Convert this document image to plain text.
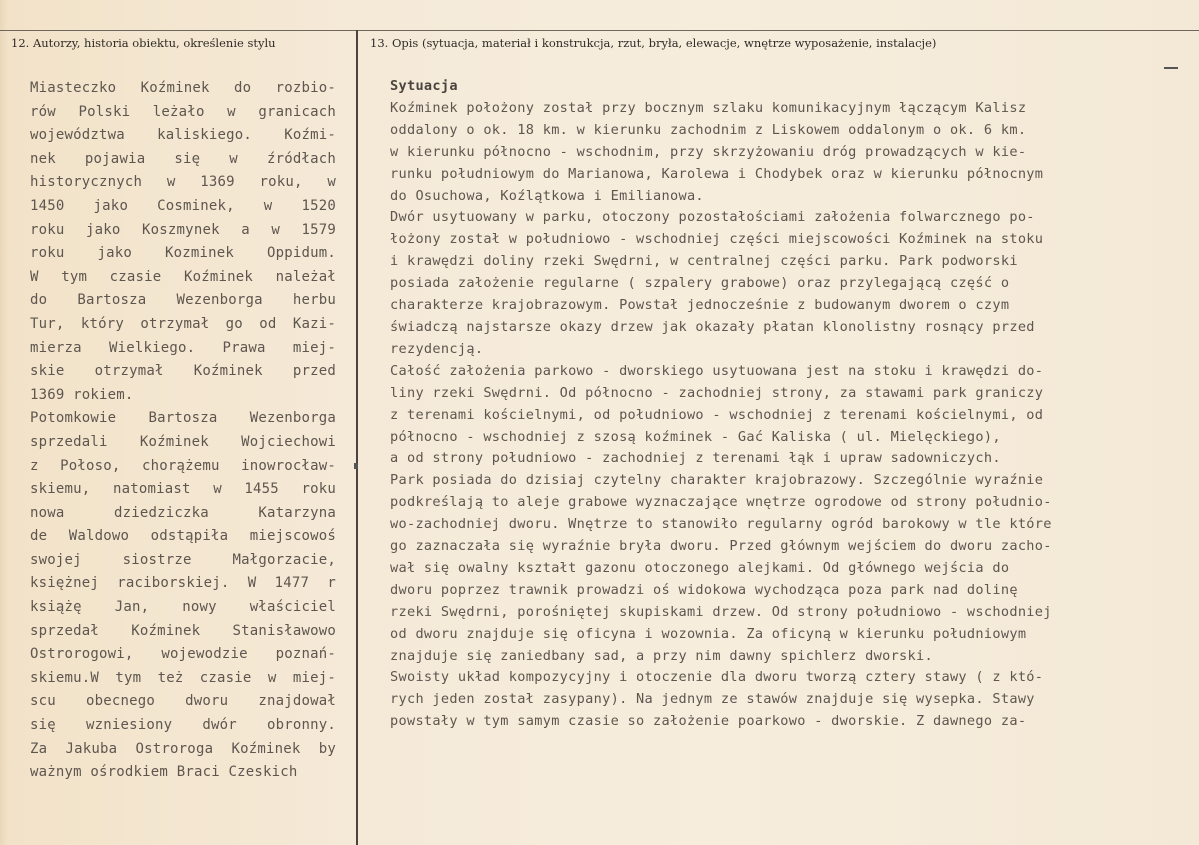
12. Autorzy, historia obiektu, określenie stylu	13. Opis (sytuacja, materiał i konstrukcja, rzut, bryła, elewacje, wnętrze wyposażenie, instalacje)
Miasteczko Koźminek do rozbio-
rów Polski leżało w granicach
województwa kaliskiego. Koźmi-
nek pojawia się w źródłach
historycznych w 1369 roku, w
1450 jako Cosminek, w 1520
roku jako Koszmynek a w 1579
roku jako Kozminek Oppidum.
W tym czasie Koźminek należał
do Bartosza Wezenborga herbu
Tur, który otrzymał go od Kazi-
mierza Wielkiego. Prawa miej-
skie otrzymał Koźminek przed
1369 rokiem.
Potomkowie Bartosza Wezenborga
sprzedali Koźminek Wojciechowi
z Połoso, chorążemu inowrocław-
skiemu, natomiast w 1455 roku
nowa dziedziczka Katarzyna
de Waldowo odstąpiła miejscowoś
swojej siostrze Małgorzacie,
księżnej raciborskiej. W 1477 r
książę Jan, nowy właściciel
sprzedał Koźminek Stanisławowo
Ostrorogowi, wojewodzie poznań-
skiemu.W tym też czasie w miej-
scu obecnego dworu znajdował
się wzniesiony dwór obronny.
Za Jakuba Ostroroga Koźminek by
ważnym ośrodkiem Braci Czeskich
Sytuacja
Koźminek położony został przy bocznym szlaku komunikacyjnym łączącym Kalisz
oddalony o ok. 18 km. w kierunku zachodnim z Liskowem oddalonym o ok. 6 km.
w kierunku północno - wschodnim, przy skrzyżowaniu dróg prowadzących w kie-
runku południowym do Marianowa, Karolewa i Chodybek oraz w kierunku północnym
do Osuchowa, Koźlątkowa i Emilianowa.
Dwór usytuowany w parku, otoczony pozostałościami założenia folwarcznego po-
łożony został w południowo - wschodniej części miejscowości Koźminek na stoku
i krawędzi doliny rzeki Swędrni, w centralnej części parku. Park podworski
posiada założenie regularne ( szpalery grabowe) oraz przylegającą część o
charakterze krajobrazowym. Powstał jednocześnie z budowanym dworem o czym
świadczą najstarsze okazy drzew jak okazały płatan klonolistny rosnący przed
rezydencją.
Całość założenia parkowo - dworskiego usytuowana jest na stoku i krawędzi do-
liny rzeki Swędrni. Od północno - zachodniej strony, za stawami park graniczy
z terenami kościelnymi, od południowo - wschodniej z terenami kościelnymi, od
północno - wschodniej z szosą koźminek - Gać Kaliska ( ul. Mielęckiego),
a od strony południowo - zachodniej z terenami łąk i upraw sadowniczych.
Park posiada do dzisiaj czytelny charakter krajobrazowy. Szczególnie wyraźnie
podkreślają to aleje grabowe wyznaczające wnętrze ogrodowe od strony południo-
wo-zachodniej dworu. Wnętrze to stanowiło regularny ogród barokowy w tle które
go zaznaczała się wyraźnie bryła dworu. Przed głównym wejściem do dworu zacho-
wał się owalny kształt gazonu otoczonego alejkami. Od głównego wejścia do
dworu poprzez trawnik prowadzi oś widokowa wychodząca poza park nad dolinę
rzeki Swędrni, porośniętej skupiskami drzew. Od strony południowo - wschodniej
od dworu znajduje się oficyna i wozownia. Za oficyną w kierunku południowym
znajduje się zaniedbany sad, a przy nim dawny spichlerz dworski.
Swoisty układ kompozycyjny i otoczenie dla dworu tworzą cztery stawy ( z któ-
rych jeden został zasypany). Na jednym ze stawów znajduje się wysepka. Stawy
powstały w tym samym czasie so założenie poarkowo - dworskie. Z dawnego za-
